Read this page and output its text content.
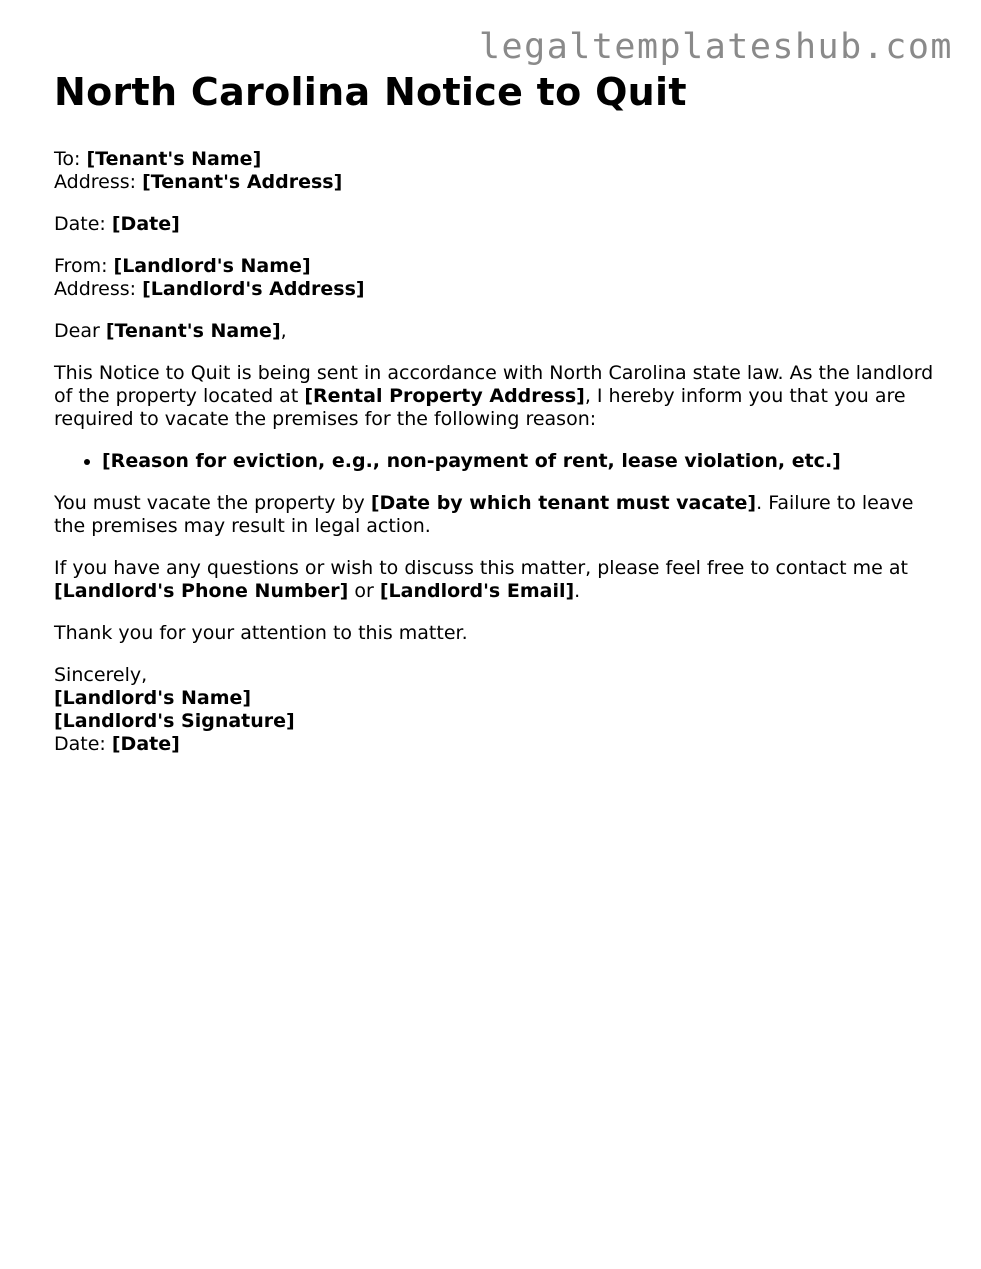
legaltemplateshub.com
North Carolina Notice to Quit
To: [Tenant's Name]
Address: [Tenant's Address]
Date: [Date]
From: [Landlord's Name]
Address: [Landlord's Address]
Dear [Tenant's Name],
This Notice to Quit is being sent in accordance with North Carolina state law. As the landlord of the property located at [Rental Property Address], I hereby inform you that you are required to vacate the premises for the following reason:
• [Reason for eviction, e.g., non-payment of rent, lease violation, etc.]
You must vacate the property by [Date by which tenant must vacate]. Failure to leave the premises may result in legal action.
If you have any questions or wish to discuss this matter, please feel free to contact me at [Landlord's Phone Number] or [Landlord's Email].
Thank you for your attention to this matter.
Sincerely,
[Landlord's Name]
[Landlord's Signature]
Date: [Date]
